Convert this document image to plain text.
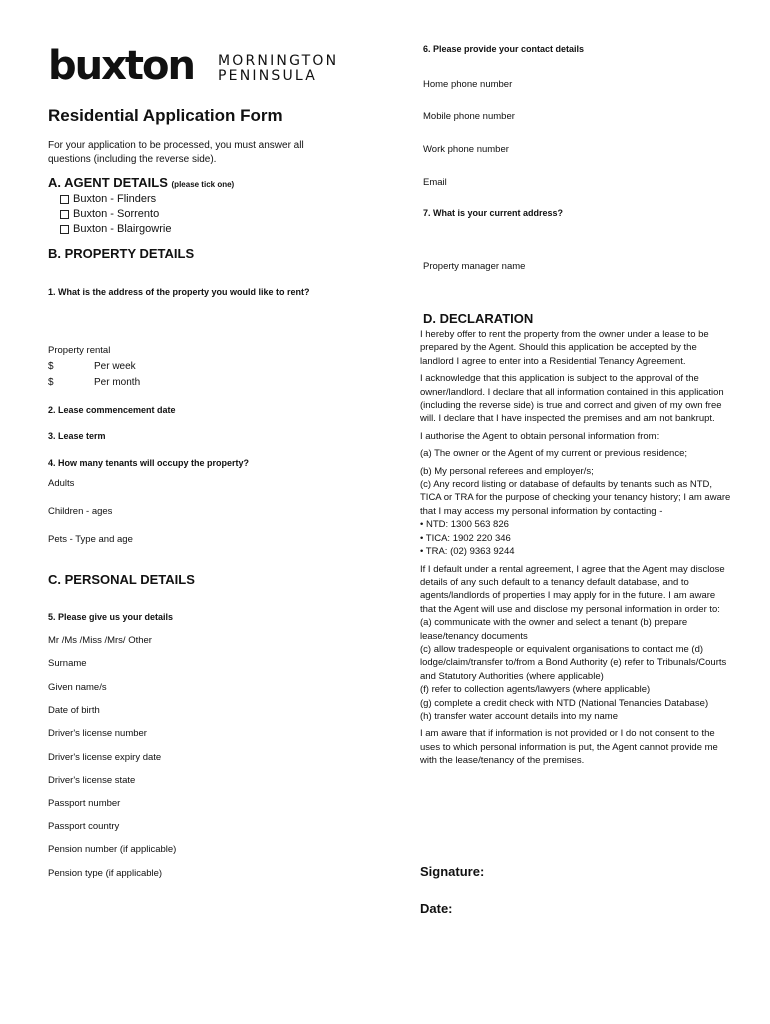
buxton MORNINGTON
PENINSULA
Residential Application Form
For your application to be processed, you must answer all questions (including the reverse side).
A. AGENT DETAILS (please tick one)
Buxton - Flinders
Buxton - Sorrento
Buxton - Blairgowrie
B. PROPERTY DETAILS
1. What is the address of the property you would like to rent?
Property rental
$	Per week
$	Per month
2. Lease commencement date
3. Lease term
4. How many tenants will occupy the property?
Adults
Children - ages
Pets - Type and age
C. PERSONAL DETAILS
5. Please give us your details
Mr /Ms /Miss /Mrs/ Other
Surname
Given name/s
Date of birth
Driver's license number
Driver's license expiry date
Driver's license state
Passport number
Passport country
Pension number (if applicable)
Pension type (if applicable)
6. Please provide your contact details
Home phone number
Mobile phone number
Work phone number
Email
7. What is your current address?
Property manager name
D. DECLARATION

I hereby offer to rent the property from the owner under a lease to be prepared by the Agent. Should this application be accepted by the landlord I agree to enter into a Residential Tenancy Agreement.

I acknowledge that this application is subject to the approval of the owner/landlord. I declare that all information contained in this application (including the reverse side) is true and correct and given of my own free will. I declare that I have inspected the premises and am not bankrupt.

I authorise the Agent to obtain personal information from:

(a) The owner or the Agent of my current or previous residence;

(b) My personal referees and employer/s;

(c) Any record listing or database of defaults by tenants such as NTD, TICA or TRA for the purpose of checking your tenancy history; I am aware that I may access my personal information by contacting -

• NTD: 1300 563 826

• TICA: 1902 220 346

• TRA: (02) 9363 9244

If I default under a rental agreement, I agree that the Agent may disclose details of any such default to a tenancy default database, and to agents/landlords of properties I may apply for in the future. I am aware that the Agent will use and disclose my personal information in order to:

(a) communicate with the owner and select a tenant (b) prepare lease/tenancy documents

(c) allow tradespeople or equivalent organisations to contact me (d) lodge/claim/transfer to/from a Bond Authority (e) refer to Tribunals/Courts and Statutory Authorities (where applicable)

(f) refer to collection agents/lawyers (where applicable)

(g) complete a credit check with NTD (National Tenancies Database)

(h) transfer water account details into my name

I am aware that if information is not provided or I do not consent to the uses to which personal information is put, the Agent cannot provide me with the lease/tenancy of the premises.

Signature:
Date:
